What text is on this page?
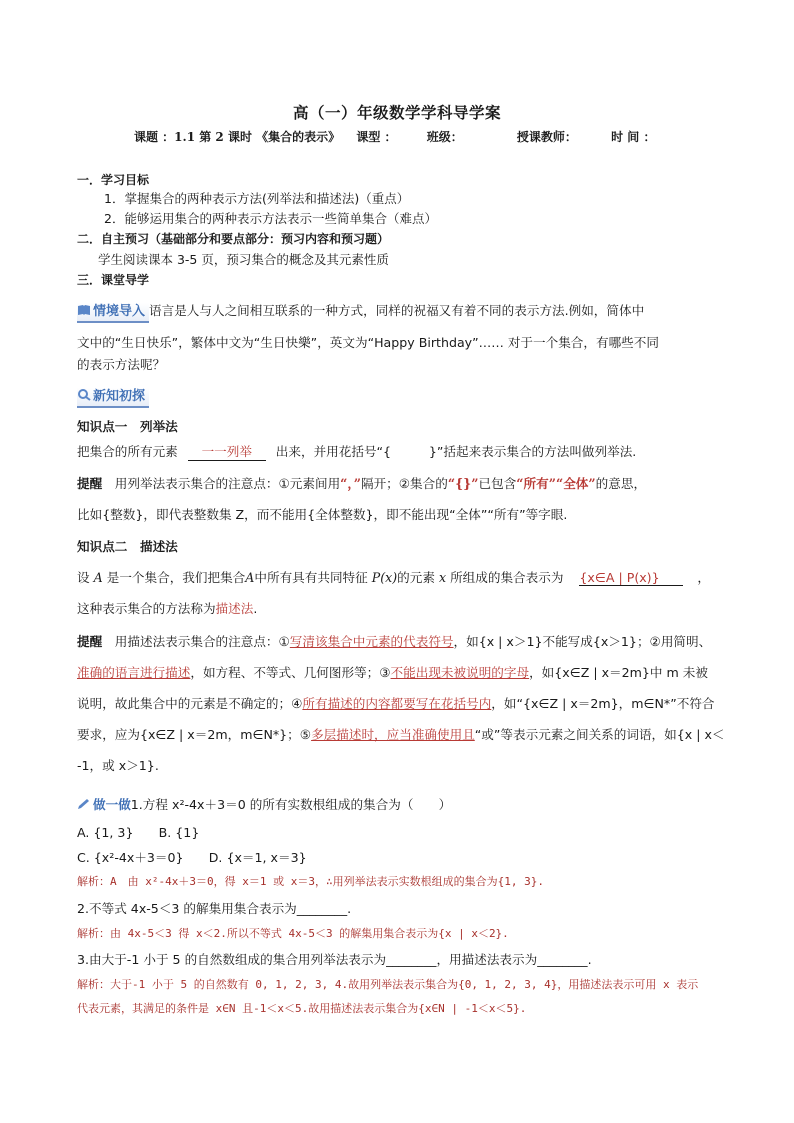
高（一）年级数学学科导学案
课题 ：1.1 第 2 课时 《集合的表示》 课型 ：	班级：	授课教师：	时 间 ：
一．学习目标
1．掌握集合的两种表示方法(列举法和描述法)（重点）
2．能够运用集合的两种表示方法表示一些简单集合（难点）
二．自主预习（基础部分和要点部分：预习内容和预习题）
学生阅读课本 3-5 页，预习集合的概念及其元素性质
三．课堂导学
情境导入 语言是人与人之间相互联系的一种方式，同样的祝福又有着不同的表示方法.例如，简体中
文中的“生日快乐”，繁体中文为“生日快樂”，英文为“Happy Birthday”…… 对于一个集合，有哪些不同
的表示方法呢？
新知初探
知识点一　列举法
把集合的所有元素 一一列举 出来，并用花括号“{　　　}”括起来表示集合的方法叫做列举法.
提醒　 用列举法表示集合的注意点：①元素间用“，”隔开；②集合的“{}”已包含“所有”“全体”的意思，
比如{整数}，即代表整数集 Z，而不能用{全体整数}，即不能出现“全体”“所有”等字眼.
知识点二　描述法
设 A 是一个集合，我们把集合A中所有具有共同特征 P(x)的元素 x 所组成的集合表示为 {x∈A | P(x)}	，
这种表示集合的方法称为描述法.
提醒　 用描述法表示集合的注意点：①写清该集合中元素的代表符号，如{x | x＞1}不能写成{x＞1}；②用简明、
准确的语言进行描述，如方程、不等式、几何图形等；③不能出现未被说明的字母，如{x∈Z | x＝2m}中 m 未被
说明，故此集合中的元素是不确定的；④所有描述的内容都要写在花括号内，如“{x∈Z | x＝2m}，m∈N*”不符合
要求，应为{x∈Z | x＝2m，m∈N*}；⑤多层描述时，应当准确使用且“或”等表示元素之间关系的词语，如{x | x＜
-1，或 x＞1}.
做一做1.方程 x²-4x＋3＝0 的所有实数根组成的集合为（　　）
A. {1, 3}　　B. {1}
C. {x²-4x＋3＝0}　　D. {x＝1, x＝3}
解析：A　由 x²-4x＋3＝0，得 x＝1 或 x＝3，∴用列举法表示实数根组成的集合为{1, 3}.
2.不等式 4x-5＜3 的解集用集合表示为________.
解析：由 4x-5＜3 得 x＜2.所以不等式 4x-5＜3 的解集用集合表示为{x | x＜2}.
3.由大于-1 小于 5 的自然数组成的集合用列举法表示为________，用描述法表示为________.
解析：大于-1 小于 5 的自然数有 0, 1, 2, 3, 4.故用列举法表示集合为{0, 1, 2, 3, 4}，用描述法表示可用 x 表示
代表元素，其满足的条件是 x∈N 且-1＜x＜5.故用描述法表示集合为{x∈N | -1＜x＜5}.
